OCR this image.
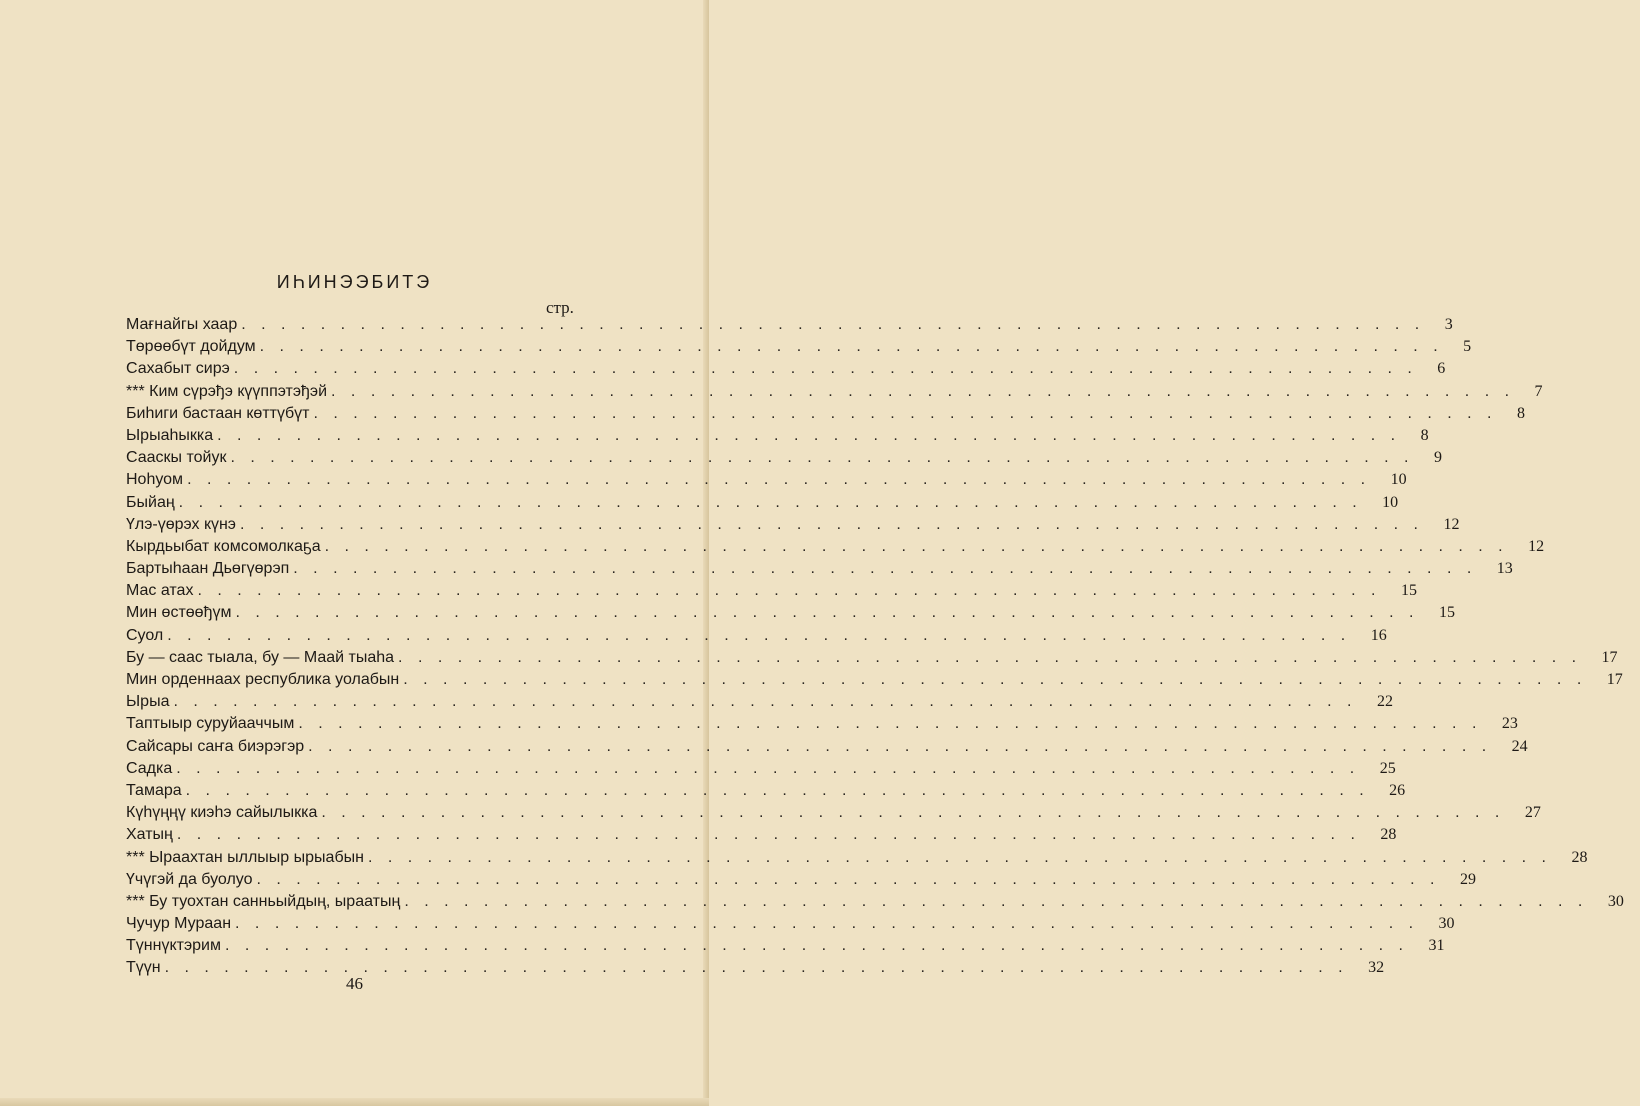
ИҺИНЭЭБИТЭ
стр.
Мағнайгы хаар . . . . . . . . . . . . . . . . . . . . . . . . . . . . . . . . . . . . . . . . . . . . . . . . . . . . . . . . . . . .	3
Төрөөбүт дойдум . . . . . . . . . . . . . . . . . . . . . . . . . . . . . . . . . . . . . . . . . . . . . . . . . . . . . . . . . . . .	5
Сахабыт сирэ . . . . . . . . . . . . . . . . . . . . . . . . . . . . . . . . . . . . . . . . . . . . . . . . . . . . . . . . . . . .	6
*** Ким сүрэђэ күүппэтэђэй . . . . . . . . . . . . . . . . . . . . . . . . . . . . . . . . . . . . . . . . . . . . . . . . . . . . . . . . . . . .	7
Биһиги бастаан көттүбүт . . . . . . . . . . . . . . . . . . . . . . . . . . . . . . . . . . . . . . . . . . . . . . . . . . . . . . . . . . . .	8
Ырыаһыкка . . . . . . . . . . . . . . . . . . . . . . . . . . . . . . . . . . . . . . . . . . . . . . . . . . . . . . . . . . . .	8
Сааскы тойук . . . . . . . . . . . . . . . . . . . . . . . . . . . . . . . . . . . . . . . . . . . . . . . . . . . . . . . . . . . .	9
Ноһуом . . . . . . . . . . . . . . . . . . . . . . . . . . . . . . . . . . . . . . . . . . . . . . . . . . . . . . . . . . . .	10
Быйаң . . . . . . . . . . . . . . . . . . . . . . . . . . . . . . . . . . . . . . . . . . . . . . . . . . . . . . . . . . . .	10
Үлэ-үөрэх күнэ . . . . . . . . . . . . . . . . . . . . . . . . . . . . . . . . . . . . . . . . . . . . . . . . . . . . . . . . . . . .	12
Кырдьыбат комсомолкаҕа . . . . . . . . . . . . . . . . . . . . . . . . . . . . . . . . . . . . . . . . . . . . . . . . . . . . . . . . . . . .	12
Бартыһаан Дьөгүөрэп . . . . . . . . . . . . . . . . . . . . . . . . . . . . . . . . . . . . . . . . . . . . . . . . . . . . . . . . . . . .	13
Маc атах . . . . . . . . . . . . . . . . . . . . . . . . . . . . . . . . . . . . . . . . . . . . . . . . . . . . . . . . . . . .	15
Мин өстөөђүм . . . . . . . . . . . . . . . . . . . . . . . . . . . . . . . . . . . . . . . . . . . . . . . . . . . . . . . . . . . .	15
Суол . . . . . . . . . . . . . . . . . . . . . . . . . . . . . . . . . . . . . . . . . . . . . . . . . . . . . . . . . . . .	16
Бу — саас тыала, бу — Маай тыаһа . . . . . . . . . . . . . . . . . . . . . . . . . . . . . . . . . . . . . . . . . . . . . . . . . . . . . . . . . . . .	17
Мин орденнаах республика уолабын . . . . . . . . . . . . . . . . . . . . . . . . . . . . . . . . . . . . . . . . . . . . . . . . . . . . . . . . . . . .	17
Ырыа . . . . . . . . . . . . . . . . . . . . . . . . . . . . . . . . . . . . . . . . . . . . . . . . . . . . . . . . . . . .	22
Таптыыр суруйааччым . . . . . . . . . . . . . . . . . . . . . . . . . . . . . . . . . . . . . . . . . . . . . . . . . . . . . . . . . . . .	23
Сайсары саҥа биэрэгэр . . . . . . . . . . . . . . . . . . . . . . . . . . . . . . . . . . . . . . . . . . . . . . . . . . . . . . . . . . . .	24
Садка . . . . . . . . . . . . . . . . . . . . . . . . . . . . . . . . . . . . . . . . . . . . . . . . . . . . . . . . . . . .	25
Тамара . . . . . . . . . . . . . . . . . . . . . . . . . . . . . . . . . . . . . . . . . . . . . . . . . . . . . . . . . . . .	26
Күһүңңү киэһэ сайылыкка . . . . . . . . . . . . . . . . . . . . . . . . . . . . . . . . . . . . . . . . . . . . . . . . . . . . . . . . . . . .	27
Хатың . . . . . . . . . . . . . . . . . . . . . . . . . . . . . . . . . . . . . . . . . . . . . . . . . . . . . . . . . . . .	28
*** Ыраахтан ыллыыр ырыабын . . . . . . . . . . . . . . . . . . . . . . . . . . . . . . . . . . . . . . . . . . . . . . . . . . . . . . . . . . . .	28
Үчүгэй да буолуо . . . . . . . . . . . . . . . . . . . . . . . . . . . . . . . . . . . . . . . . . . . . . . . . . . . . . . . . . . . .	29
*** Бу туохтан санньыйдың, ыраатың . . . . . . . . . . . . . . . . . . . . . . . . . . . . . . . . . . . . . . . . . . . . . . . . . . . . . . . . . . . .	30
Чучур Мураан . . . . . . . . . . . . . . . . . . . . . . . . . . . . . . . . . . . . . . . . . . . . . . . . . . . . . . . . . . . .	30
Түннүктэрим . . . . . . . . . . . . . . . . . . . . . . . . . . . . . . . . . . . . . . . . . . . . . . . . . . . . . . . . . . . .	31
Түүн . . . . . . . . . . . . . . . . . . . . . . . . . . . . . . . . . . . . . . . . . . . . . . . . . . . . . . . . . . . .	32
46
